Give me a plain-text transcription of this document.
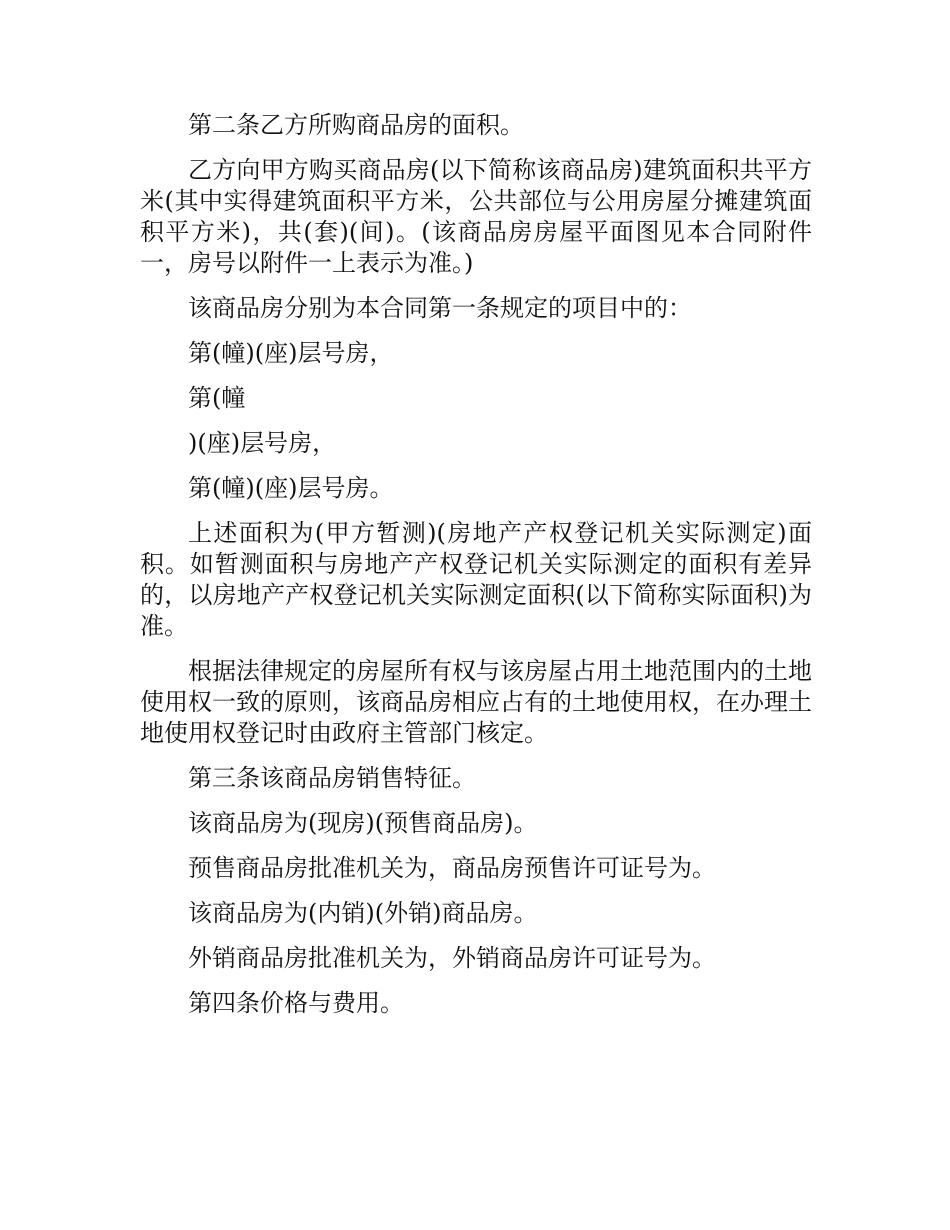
第二条乙方所购商品房的面积。

乙方向甲方购买商品房(以下简称该商品房)建筑面积共平方米(其中实得建筑面积平方米，公共部位与公用房屋分摊建筑面积平方米)，共(套)(间)。(该商品房房屋平面图见本合同附件一，房号以附件一上表示为准。)

该商品房分别为本合同第一条规定的项目中的：

第(幢)(座)层号房，

第(幢

)(座)层号房，

第(幢)(座)层号房。

上述面积为(甲方暂测)(房地产产权登记机关实际测定)面积。如暂测面积与房地产产权登记机关实际测定的面积有差异的，以房地产产权登记机关实际测定面积(以下简称实际面积)为准。

根据法律规定的房屋所有权与该房屋占用土地范围内的土地使用权一致的原则，该商品房相应占有的土地使用权，在办理土地使用权登记时由政府主管部门核定。

第三条该商品房销售特征。

该商品房为(现房)(预售商品房)。

预售商品房批准机关为，商品房预售许可证号为。

该商品房为(内销)(外销)商品房。

外销商品房批准机关为，外销商品房许可证号为。

第四条价格与费用。
